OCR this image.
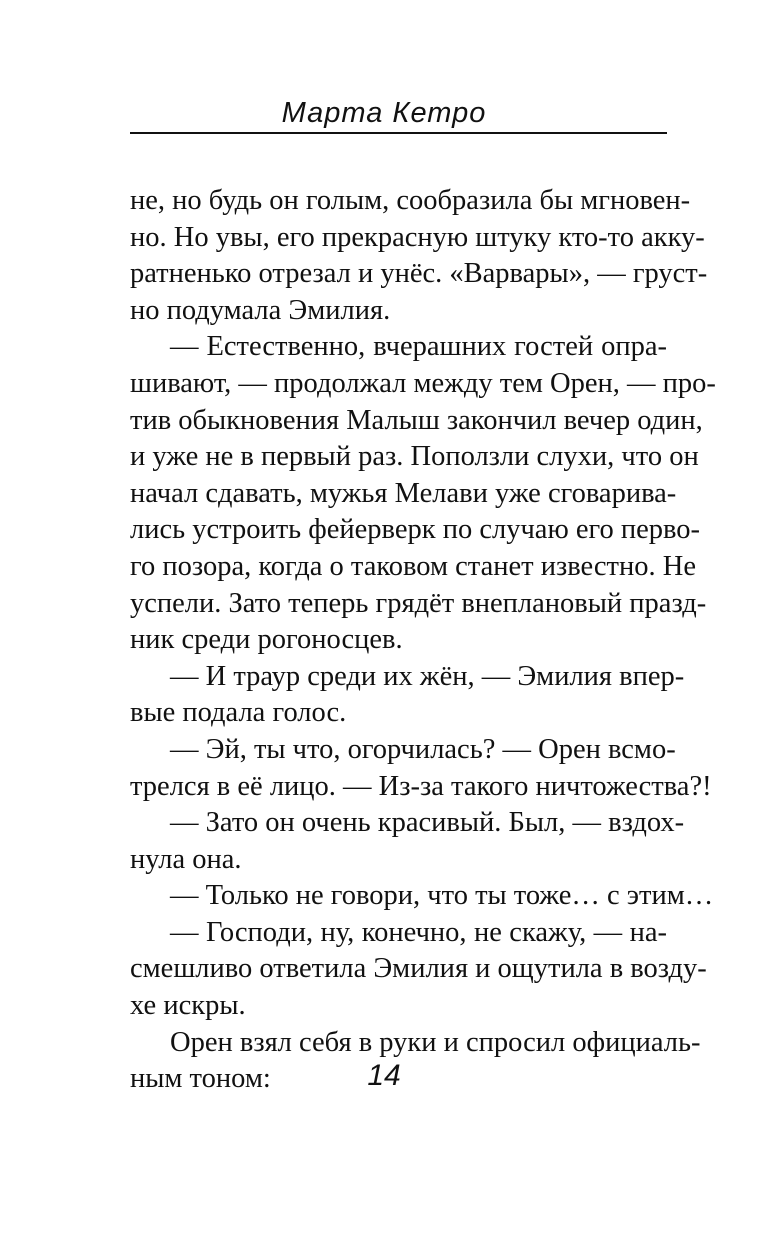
Марта Кетро
не, но будь он голым, сообразила бы мгновен-
но. Но увы, его прекрасную штуку кто-то акку-
ратненько отрезал и унёс. «Варвары», — груст-
но подумала Эмилия.
— Естественно, вчерашних гостей опра-
шивают, — продолжал между тем Орен, — про-
тив обыкновения Малыш закончил вечер один,
и уже не в первый раз. Поползли слухи, что он
начал сдавать, мужья Мелави уже сговарива-
лись устроить фейерверк по случаю его перво-
го позора, когда о таковом станет известно. Не
успели. Зато теперь грядёт внеплановый празд-
ник среди рогоносцев.
— И траур среди их жён, — Эмилия впер-
вые подала голос.
— Эй, ты что, огорчилась? — Орен всмо-
трелся в её лицо. — Из-за такого ничтожества?!
— Зато он очень красивый. Был, — вздох-
нула она.
— Только не говори, что ты тоже… с этим…
— Господи, ну, конечно, не скажу, — на-
смешливо ответила Эмилия и ощутила в возду-
хе искры.
Орен взял себя в руки и спросил официаль-
ным тоном:	14
